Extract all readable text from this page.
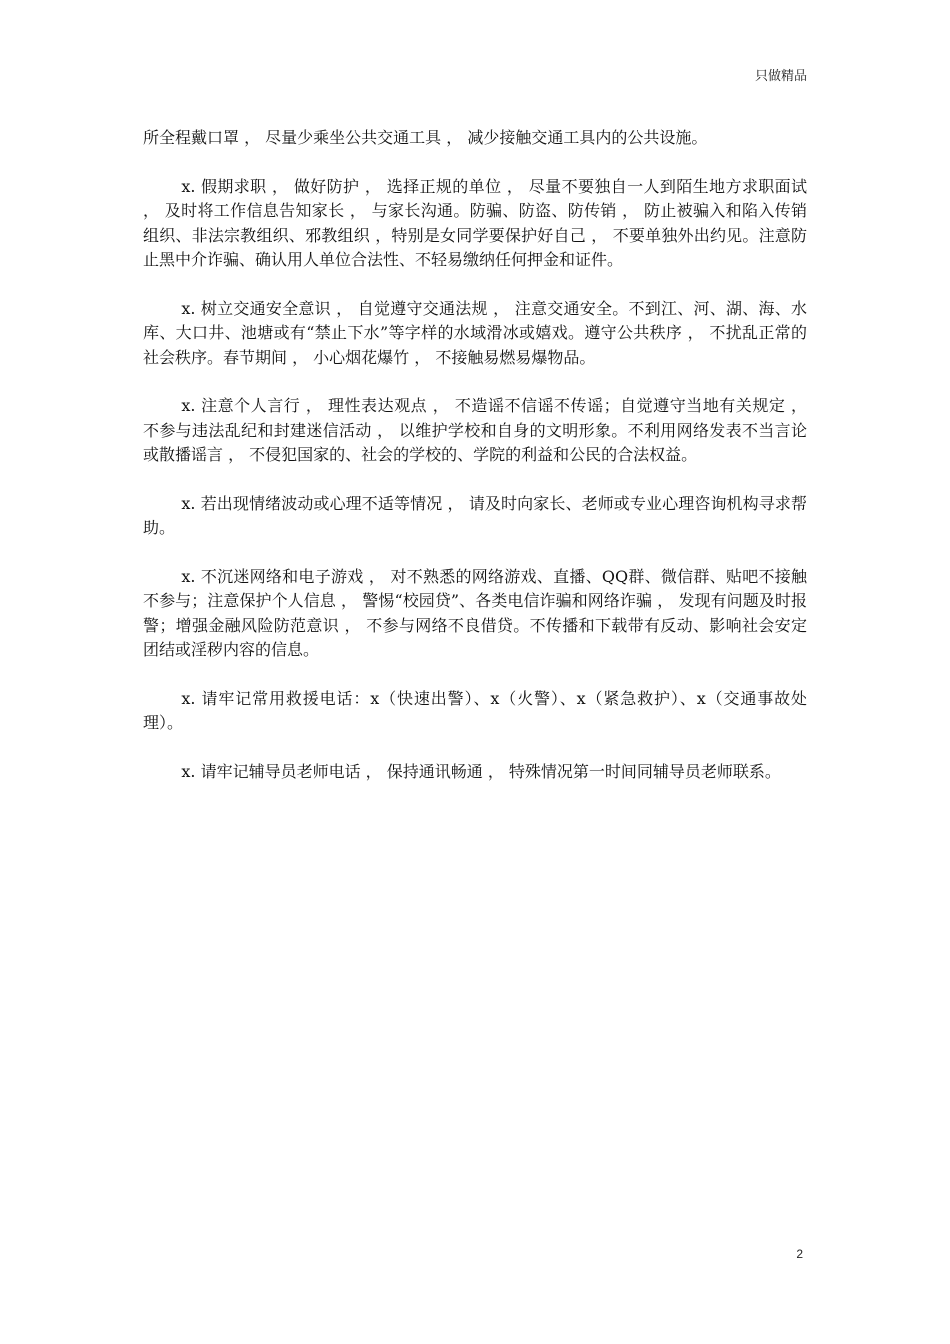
只做精品

所全程戴口罩 ， 尽量少乘坐公共交通工具 ， 减少接触交通工具内的公共设施。

x. 假期求职 ， 做好防护 ， 选择正规的单位 ， 尽量不要独自一人到陌生地方求职面试 ， 及时将工作信息告知家长 ， 与家长沟通。防骗、防盗、防传销 ， 防止被骗入和陷入传销组织、非法宗教组织、邪教组织 ，特别是女同学要保护好自己 ， 不要单独外出约见。注意防止黑中介诈骗、确认用人单位合法性、不轻易缴纳任何押金和证件。

x. 树立交通安全意识 ， 自觉遵守交通法规 ， 注意交通安全。不到江、河、湖、海、水库、大口井、池塘或有“禁止下水”等字样的水域滑冰或嬉戏。遵守公共秩序 ， 不扰乱正常的社会秩序。春节期间 ， 小心烟花爆竹 ， 不接触易燃易爆物品。

x. 注意个人言行 ， 理性表达观点 ， 不造谣不信谣不传谣；自觉遵守当地有关规定 ， 不参与违法乱纪和封建迷信活动 ， 以维护学校和自身的文明形象。不利用网络发表不当言论或散播谣言 ， 不侵犯国家的、社会的学校的、学院的利益和公民的合法权益。

x. 若出现情绪波动或心理不适等情况 ， 请及时向家长、老师或专业心理咨询机构寻求帮助。

x. 不沉迷网络和电子游戏 ， 对不熟悉的网络游戏、直播、QQ群、微信群、贴吧不接触不参与；注意保护个人信息 ， 警惕“校园贷”、各类电信诈骗和网络诈骗 ， 发现有问题及时报警；增强金融风险防范意识 ， 不参与网络不良借贷。不传播和下载带有反动、影响社会安定团结或淫秽内容的信息。

x. 请牢记常用救援电话：x（快速出警）、x（火警）、x（紧急救护）、x（交通事故处理）。

x. 请牢记辅导员老师电话 ， 保持通讯畅通 ， 特殊情况第一时间同辅导员老师联系。

2
